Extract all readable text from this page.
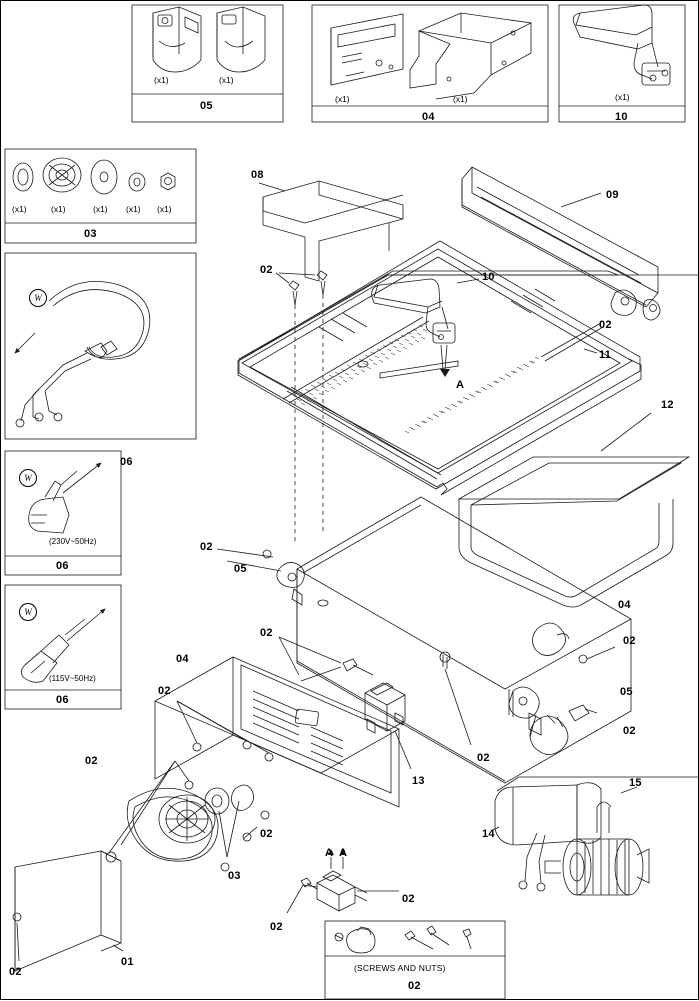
(x1)	(x1)
05
(x1)	(x1)
04
(x1)
10
(x1)	(x1)	(x1) (x1) (x1)
03
W
06
W
(230V~50Hz)
06
W
(115V~50Hz)
06
(SCREWS AND NUTS)
02
A
A A
08
09
02
10
02
11
12
02
05
04
02
02
04
05
02
02
02
13	15
02
02	14
03
02
02
02
01
